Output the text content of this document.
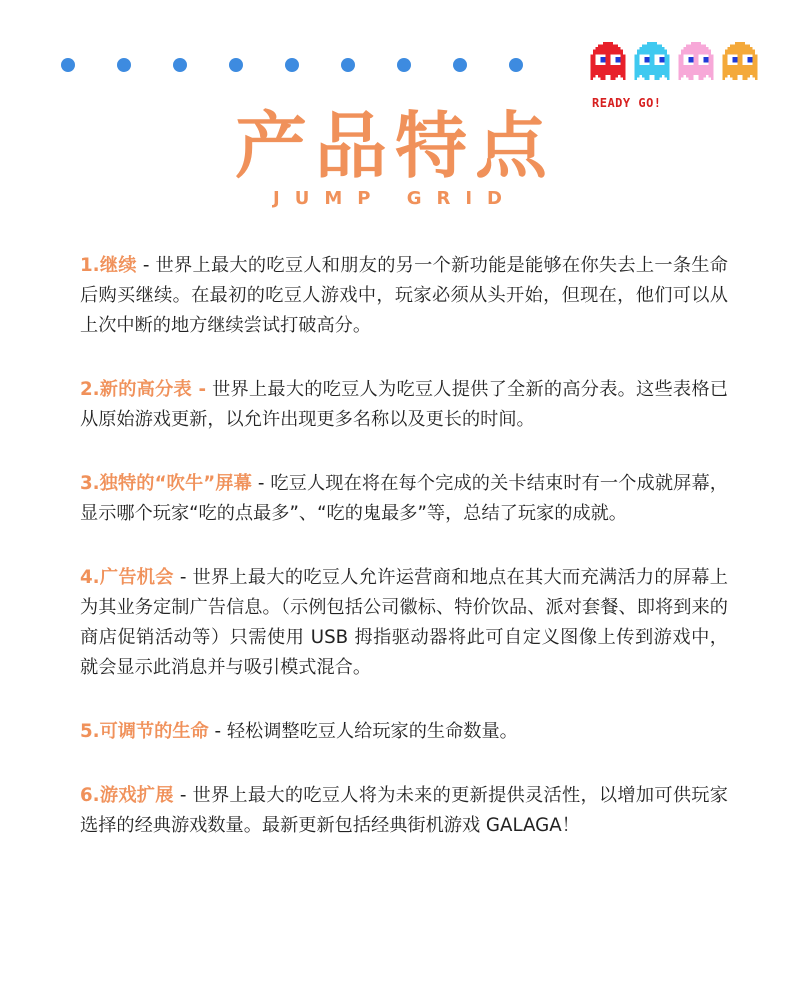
READY GO!
产品特点
JUMP GRID

1.继续 - 世界上最大的吃豆人和朋友的另一个新功能是能够在你失去上一条生命后购买继续。在最初的吃豆人游戏中，玩家必须从头开始，但现在，他们可以从上次中断的地方继续尝试打破高分。

2.新的高分表 - 世界上最大的吃豆人为吃豆人提供了全新的高分表。这些表格已从原始游戏更新，以允许出现更多名称以及更长的时间。

3.独特的“吹牛”屏幕 - 吃豆人现在将在每个完成的关卡结束时有一个成就屏幕，显示哪个玩家“吃的点最多”、“吃的鬼最多”等，总结了玩家的成就。

4.广告机会 - 世界上最大的吃豆人允许运营商和地点在其大而充满活力的屏幕上为其业务定制广告信息。（示例包括公司徽标、特价饮品、派对套餐、即将到来的商店促销活动等）只需使用 USB 拇指驱动器将此可自定义图像上传到游戏中，就会显示此消息并与吸引模式混合。

5.可调节的生命 - 轻松调整吃豆人给玩家的生命数量。

6.游戏扩展 - 世界上最大的吃豆人将为未来的更新提供灵活性，以增加可供玩家选择的经典游戏数量。最新更新包括经典街机游戏 GALAGA！
